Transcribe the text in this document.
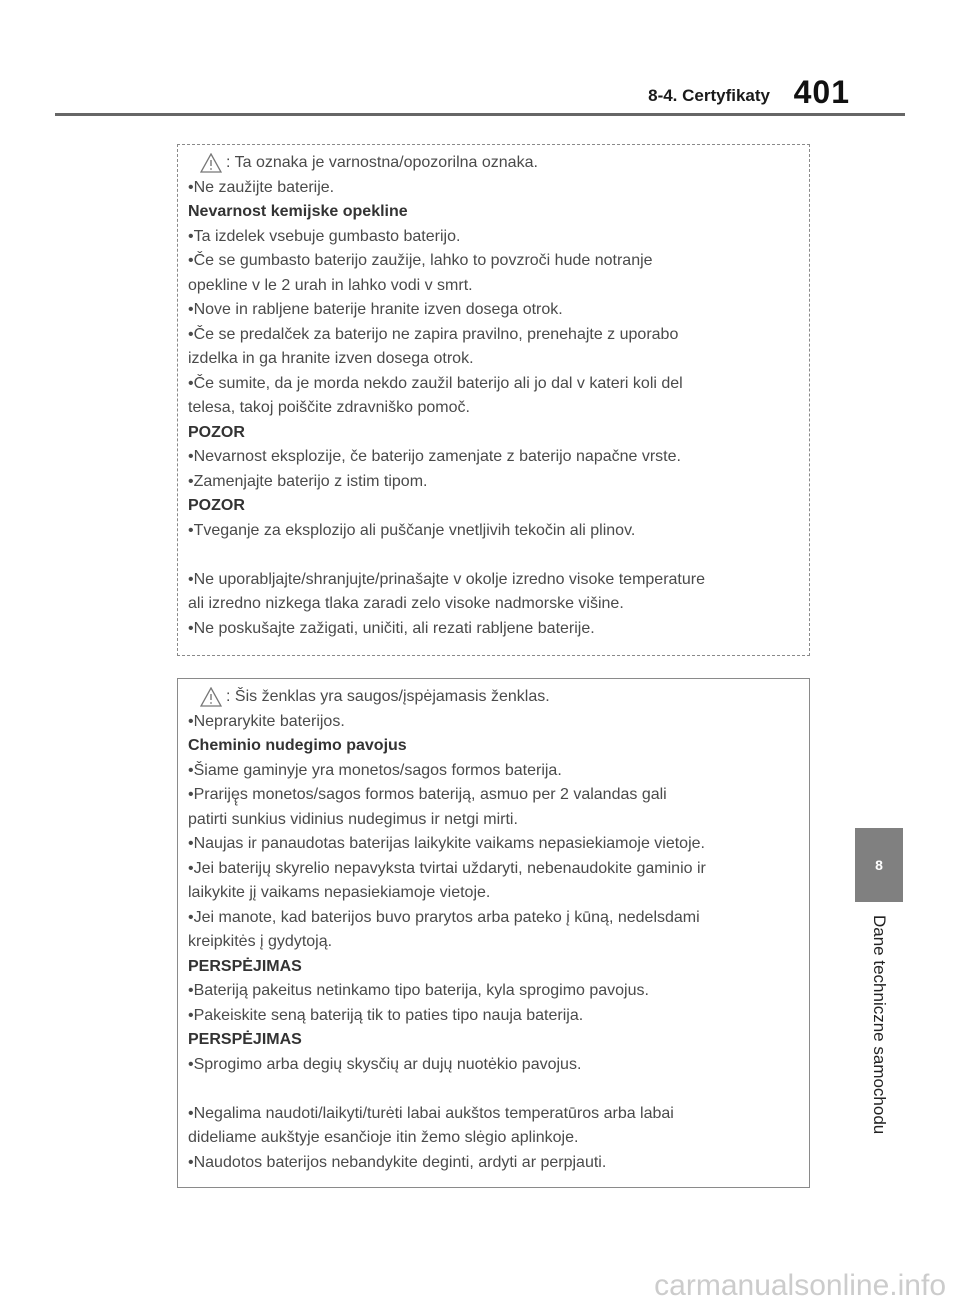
8-4. Certyfikaty 401
: Ta oznaka je varnostna/opozorilna oznaka.
•Ne zaužijte baterije.
Nevarnost kemijske opekline
•Ta izdelek vsebuje gumbasto baterijo.
•Če se gumbasto baterijo zaužije, lahko to povzroči hude notranje
opekline v le 2 urah in lahko vodi v smrt.
•Nove in rabljene baterije hranite izven dosega otrok.
•Če se predalček za baterijo ne zapira pravilno, prenehajte z uporabo
izdelka in ga hranite izven dosega otrok.
•Če sumite, da je morda nekdo zaužil baterijo ali jo dal v kateri koli del
telesa, takoj poiščite zdravniško pomoč.
POZOR
•Nevarnost eksplozije, če baterijo zamenjate z baterijo napačne vrste.
•Zamenjajte baterijo z istim tipom.
POZOR
•Tveganje za eksplozijo ali puščanje vnetljivih tekočin ali plinov.
•Ne uporabljajte/shranjujte/prinašajte v okolje izredno visoke temperature
ali izredno nizkega tlaka zaradi zelo visoke nadmorske višine.
•Ne poskušajte zažigati, uničiti, ali rezati rabljene baterije.
: Šis ženklas yra saugos/įspėjamasis ženklas.
•Neprarykite baterijos.
Cheminio nudegimo pavojus
•Šiame gaminyje yra monetos/sagos formos baterija.
•Prariję̨s monetos/sagos formos bateriją, asmuo per 2 valandas gali
patirti sunkius vidinius nudegimus ir netgi mirti.
•Naujas ir panaudotas baterijas laikykite vaikams nepasiekiamoje vietoje.
•Jei baterijų skyrelio nepavyksta tvirtai uždaryti, nebenaudokite gaminio ir
laikykite jį vaikams nepasiekiamoje vietoje.
•Jei manote, kad baterijos buvo prarytos arba pateko į kūną, nedelsdami
kreipkitės į gydytoją.
PERSPĖJIMAS
•Bateriją pakeitus netinkamo tipo baterija, kyla sprogimo pavojus.
•Pakeiskite seną bateriją tik to paties tipo nauja baterija.
PERSPĖJIMAS
•Sprogimo arba degių skysčių ar dujų nuotėkio pavojus.
•Negalima naudoti/laikyti/turėti labai aukštos temperatūros arba labai
dideliame aukštyje esančioje itin žemo slėgio aplinkoje.
•Naudotos baterijos nebandykite deginti, ardyti ar perpjauti.
8
Dane techniczne samochodu
carmanualsonline.info
